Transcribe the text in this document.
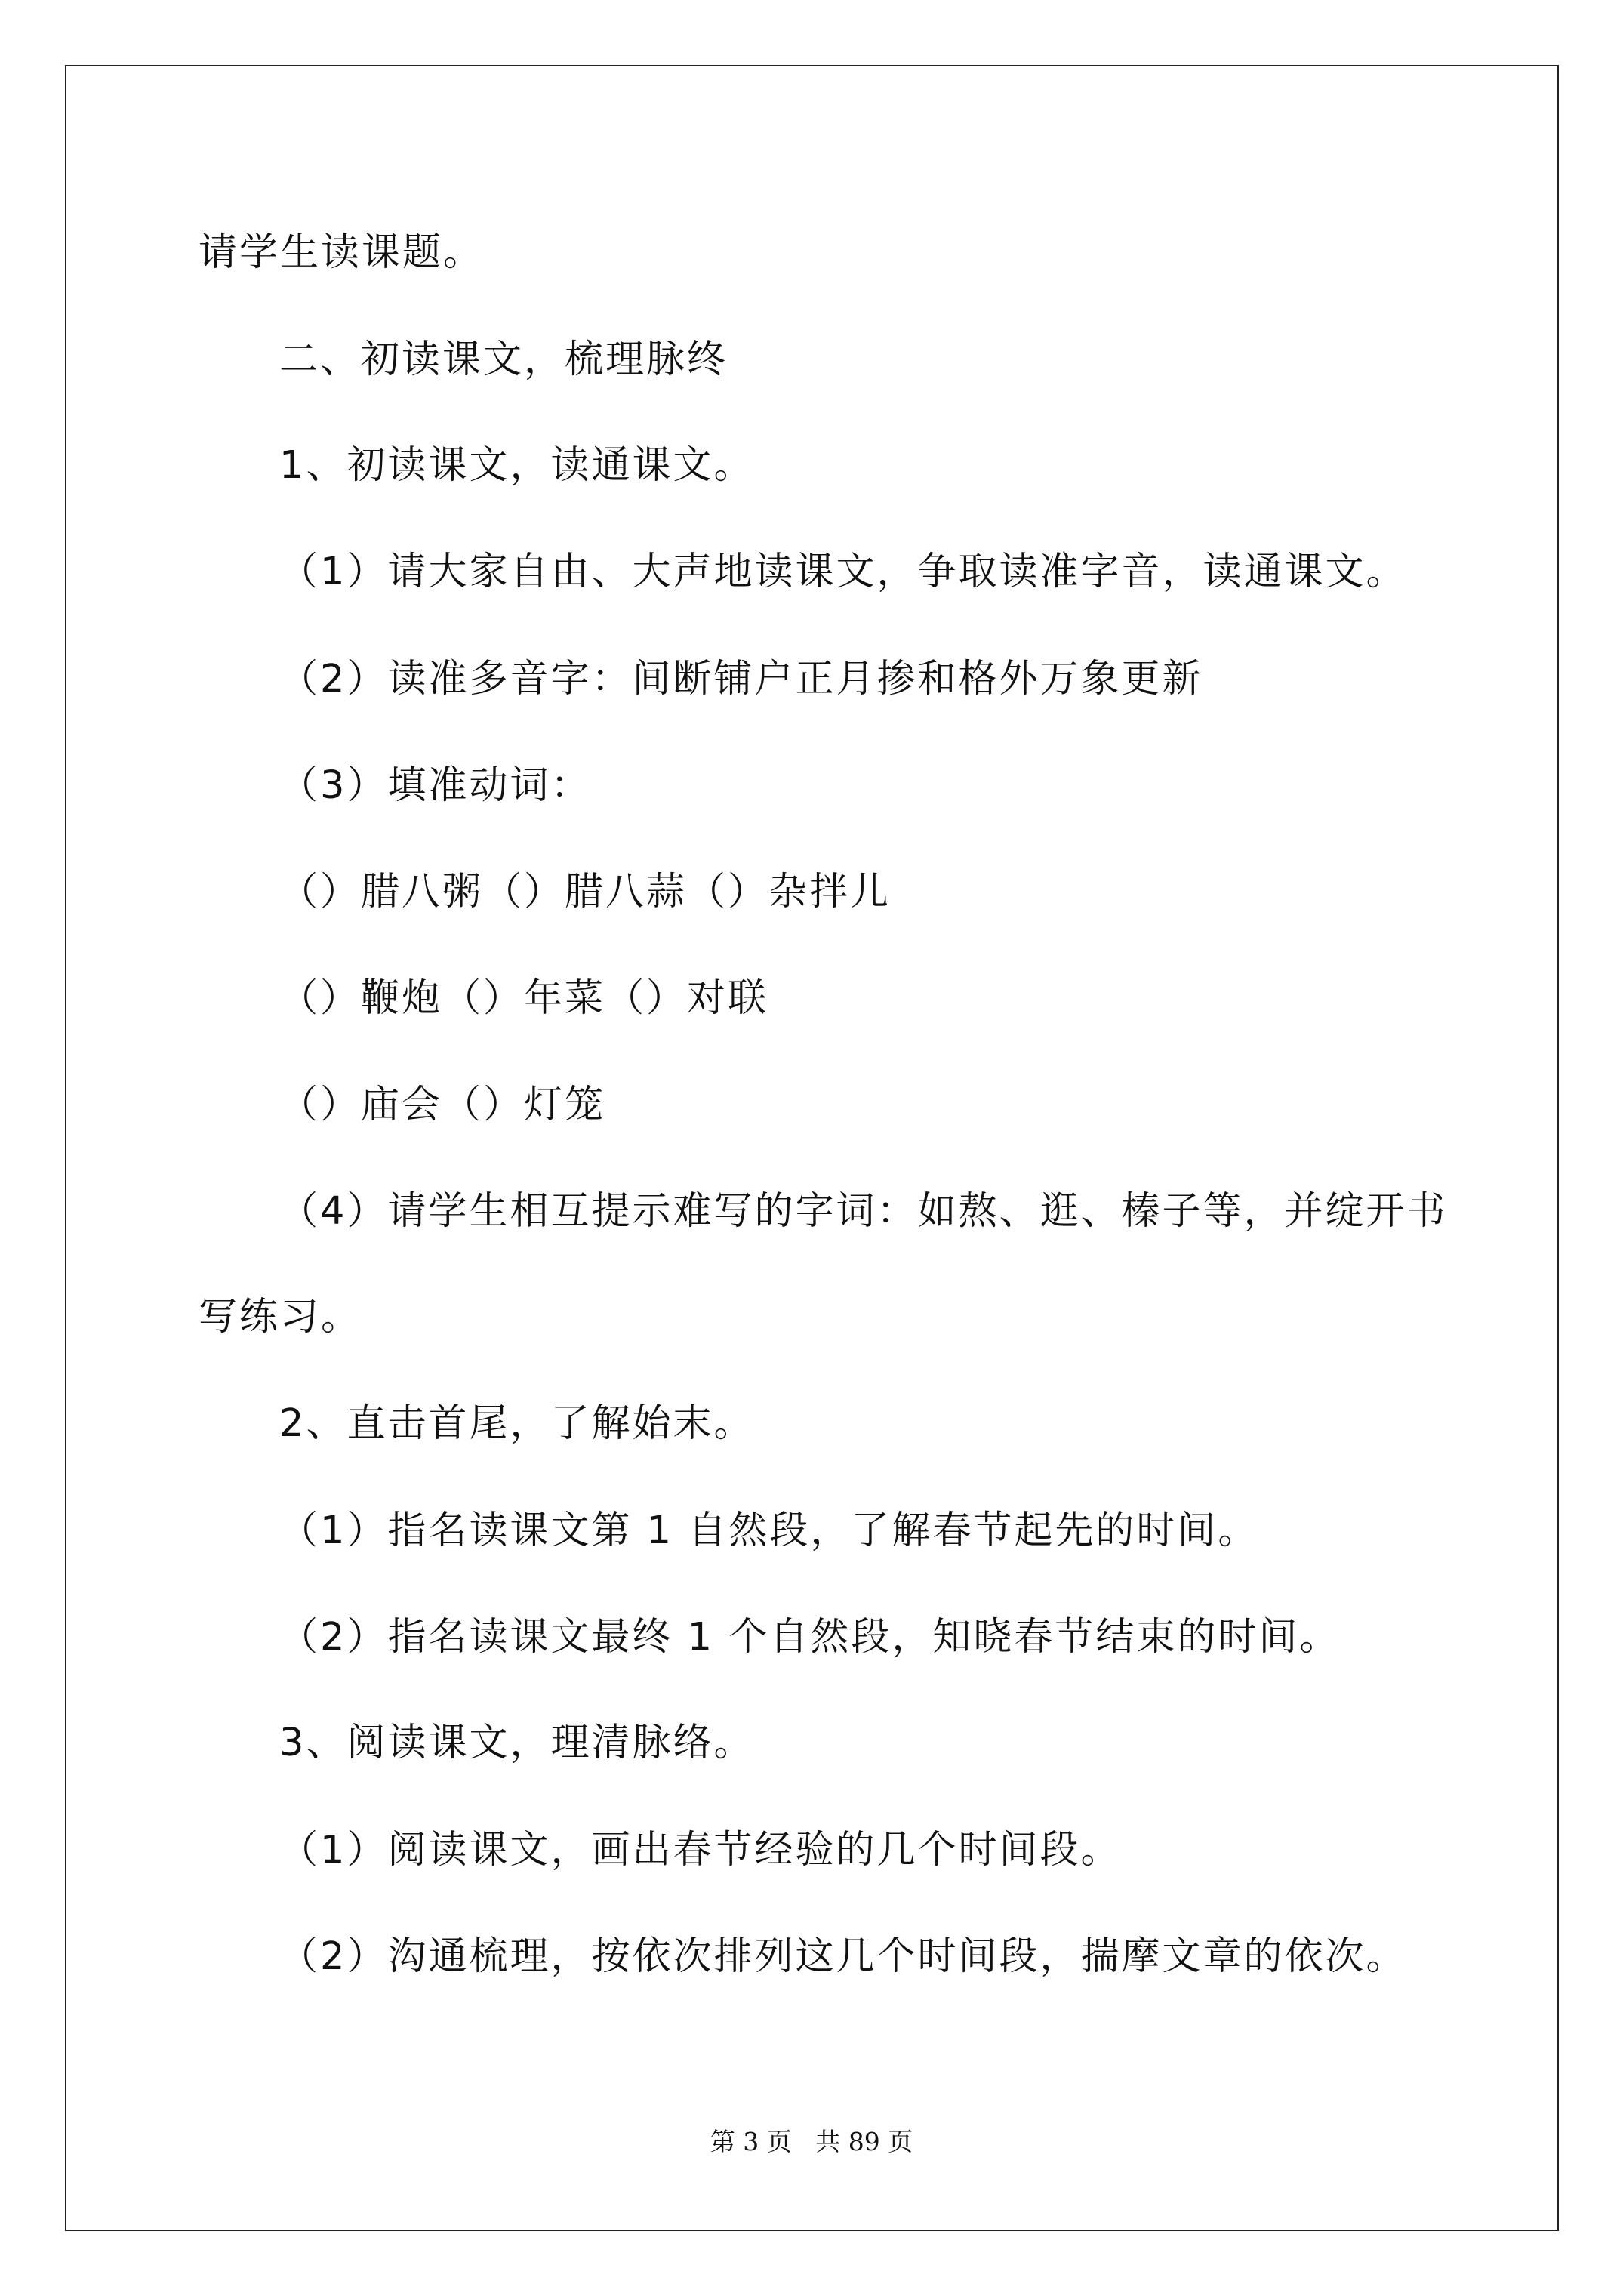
请学生读课题。
二、初读课文，梳理脉终
1、初读课文，读通课文。
（1）请大家自由、大声地读课文，争取读准字音，读通课文。
（2）读准多音字：间断铺户正月掺和格外万象更新
（3）填准动词：
（）腊八粥（）腊八蒜（）杂拌儿
（）鞭炮（）年菜（）对联
（）庙会（）灯笼
（4）请学生相互提示难写的字词：如熬、逛、榛子等，并绽开书
写练习。
2、直击首尾，了解始末。
（1）指名读课文第 1 自然段，了解春节起先的时间。
（2）指名读课文最终 1 个自然段，知晓春节结束的时间。
3、阅读课文，理清脉络。
（1）阅读课文，画出春节经验的几个时间段。
（2）沟通梳理，按依次排列这几个时间段，揣摩文章的依次。
第 3 页   共 89 页
